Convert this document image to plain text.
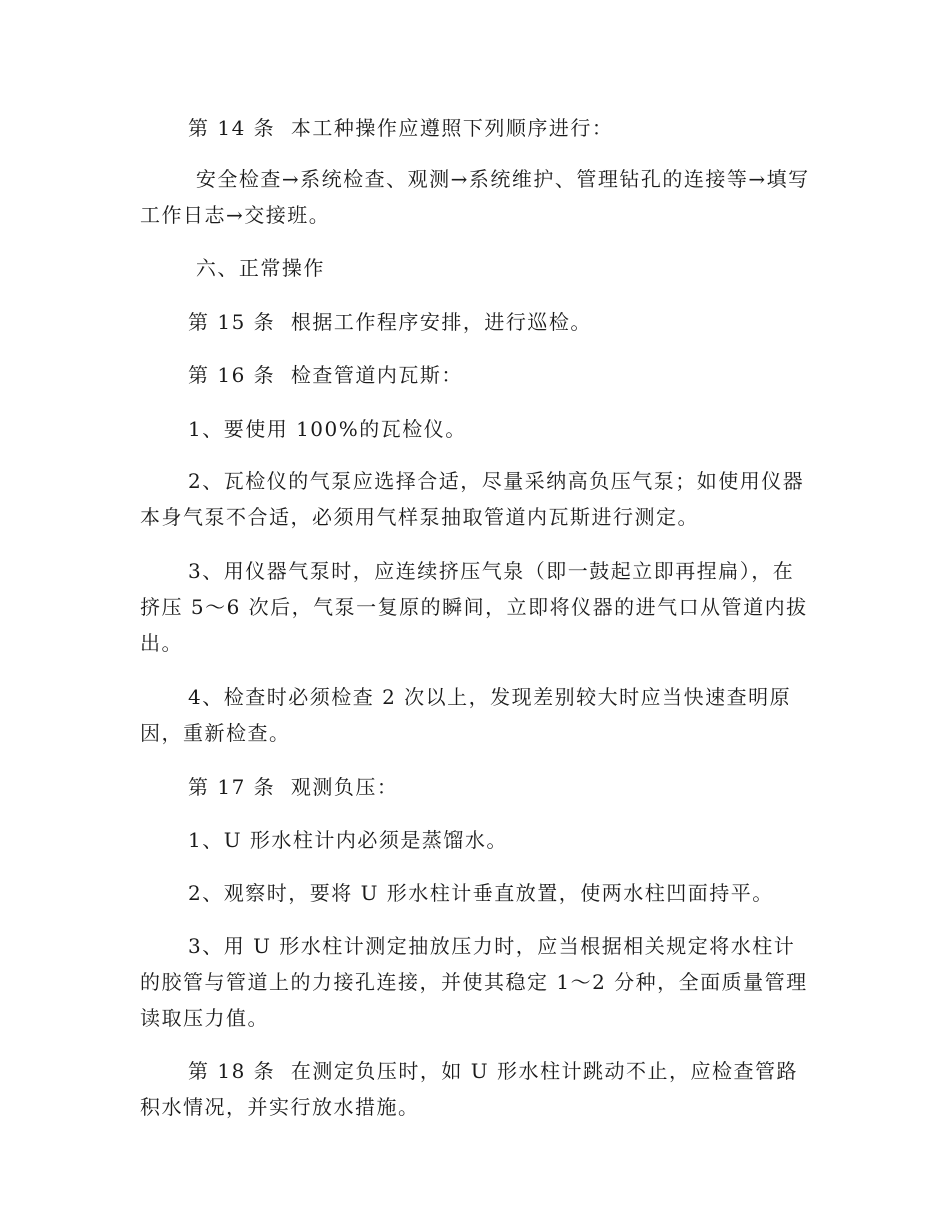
第 14 条  本工种操作应遵照下列顺序进行：

安全检查→系统检查、观测→系统维护、管理钻孔的连接等→填写工作日志→交接班。

六、正常操作

第 15 条  根据工作程序安排，进行巡检。

第 16 条  检查管道内瓦斯：

1、要使用 100%的瓦检仪。

2、瓦检仪的气泵应选择合适，尽量采纳高负压气泵；如使用仪器本身气泵不合适，必须用气样泵抽取管道内瓦斯进行测定。

3、用仪器气泵时，应连续挤压气泉（即一鼓起立即再捏扁），在挤压 5～6 次后，气泵一复原的瞬间，立即将仪器的进气口从管道内拔出。

4、检查时必须检查 2 次以上，发现差别较大时应当快速查明原因，重新检查。

第 17 条  观测负压：

1、U 形水柱计内必须是蒸馏水。

2、观察时，要将 U 形水柱计垂直放置，使两水柱凹面持平。

3、用 U 形水柱计测定抽放压力时，应当根据相关规定将水柱计的胶管与管道上的力接孔连接，并使其稳定 1～2 分种，全面质量管理读取压力值。

第 18 条  在测定负压时，如 U 形水柱计跳动不止，应检查管路积水情况，并实行放水措施。
